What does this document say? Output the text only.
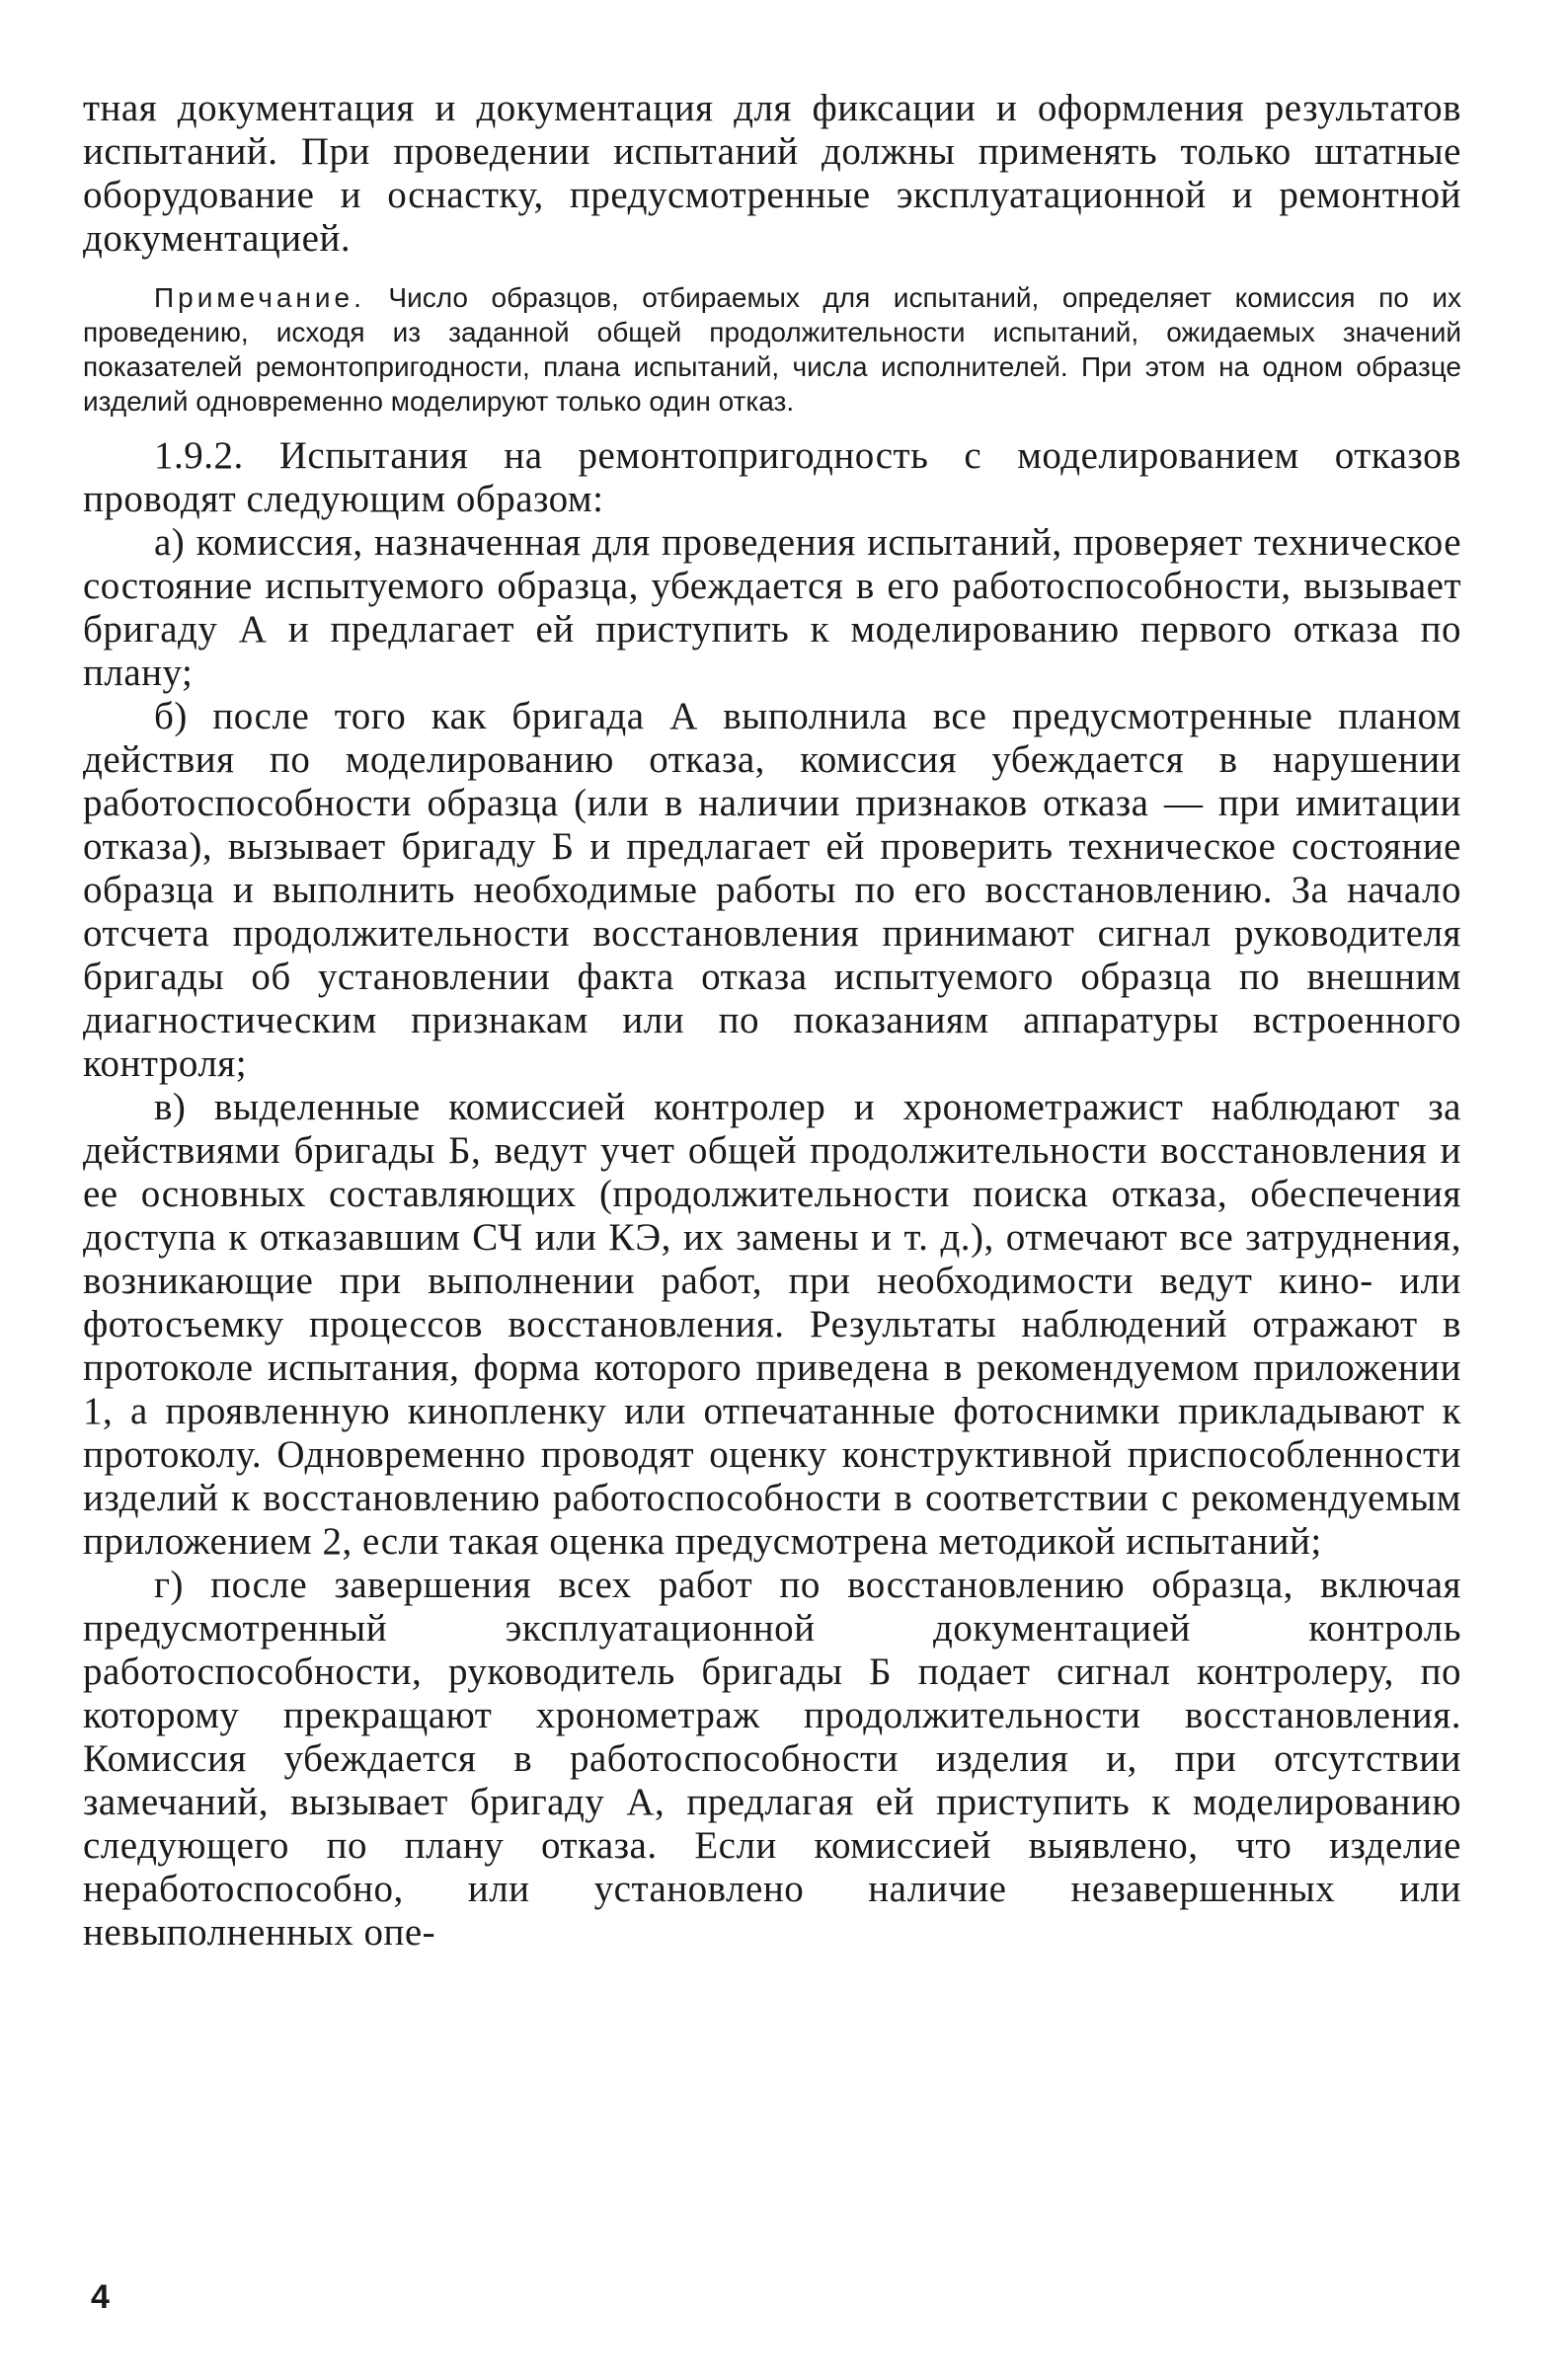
тная документация и документация для фиксации и оформления результатов испытаний. При проведении испытаний должны применять только штатные оборудование и оснастку, предусмотренные эксплуатационной и ремонтной документацией.

Примечание. Число образцов, отбираемых для испытаний, определяет комиссия по их проведению, исходя из заданной общей продолжительности испытаний, ожидаемых значений показателей ремонтопригодности, плана испытаний, числа исполнителей. При этом на одном образце изделий одновременно моделируют только один отказ.

1.9.2. Испытания на ремонтопригодность с моделированием отказов проводят следующим образом:

а) комиссия, назначенная для проведения испытаний, проверяет техническое состояние испытуемого образца, убеждается в его работоспособности, вызывает бригаду А и предлагает ей приступить к моделированию первого отказа по плану;

б) после того как бригада А выполнила все предусмотренные планом действия по моделированию отказа, комиссия убеждается в нарушении работоспособности образца (или в наличии признаков отказа — при имитации отказа), вызывает бригаду Б и предлагает ей проверить техническое состояние образца и выполнить необходимые работы по его восстановлению. За начало отсчета продолжительности восстановления принимают сигнал руководителя бригады об установлении факта отказа испытуемого образца по внешним диагностическим признакам или по показаниям аппаратуры встроенного контроля;

в) выделенные комиссией контролер и хронометражист наблюдают за действиями бригады Б, ведут учет общей продолжительности восстановления и ее основных составляющих (продолжительности поиска отказа, обеспечения доступа к отказавшим СЧ или КЭ, их замены и т. д.), отмечают все затруднения, возникающие при выполнении работ, при необходимости ведут кино- или фотосъемку процессов восстановления. Результаты наблюдений отражают в протоколе испытания, форма которого приведена в рекомендуемом приложении 1, а проявленную кинопленку или отпечатанные фотоснимки прикладывают к протоколу. Одновременно проводят оценку конструктивной приспособленности изделий к восстановлению работоспособности в соответствии с рекомендуемым приложением 2, если такая оценка предусмотрена методикой испытаний;

г) после завершения всех работ по восстановлению образца, включая предусмотренный эксплуатационной документацией контроль работоспособности, руководитель бригады Б подает сигнал контролеру, по которому прекращают хронометраж продолжительности восстановления. Комиссия убеждается в работоспособности изделия и, при отсутствии замечаний, вызывает бригаду А, предлагая ей приступить к моделированию следующего по плану отказа. Если комиссией выявлено, что изделие неработоспособно, или установлено наличие незавершенных или невыполненных опе-

4
